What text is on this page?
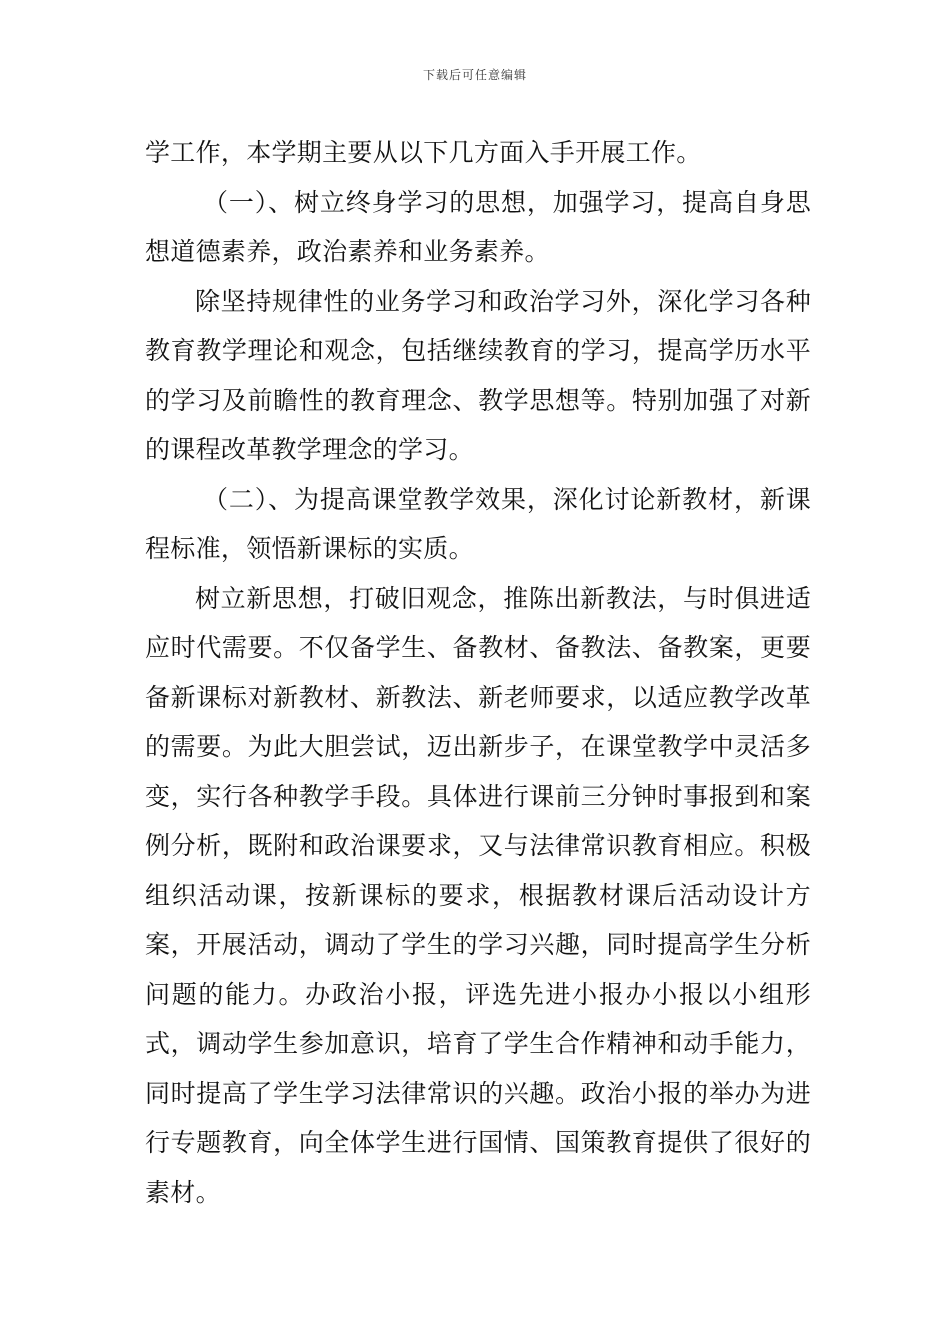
下载后可任意编辑

学工作，本学期主要从以下几方面入手开展工作。

（一）、树立终身学习的思想，加强学习，提高自身思想道德素养，政治素养和业务素养。

除坚持规律性的业务学习和政治学习外，深化学习各种教育教学理论和观念，包括继续教育的学习，提高学历水平的学习及前瞻性的教育理念、教学思想等。特别加强了对新的课程改革教学理念的学习。

（二）、为提高课堂教学效果，深化讨论新教材，新课程标准，领悟新课标的实质。

树立新思想，打破旧观念，推陈出新教法，与时俱进适应时代需要。不仅备学生、备教材、备教法、备教案，更要备新课标对新教材、新教法、新老师要求，以适应教学改革的需要。为此大胆尝试，迈出新步子，在课堂教学中灵活多变，实行各种教学手段。具体进行课前三分钟时事报到和案例分析，既附和政治课要求，又与法律常识教育相应。积极组织活动课，按新课标的要求，根据教材课后活动设计方案，开展活动，调动了学生的学习兴趣，同时提高学生分析问题的能力。办政治小报，评选先进小报办小报以小组形式，调动学生参加意识，培育了学生合作精神和动手能力，同时提高了学生学习法律常识的兴趣。政治小报的举办为进行专题教育，向全体学生进行国情、国策教育提供了很好的素材。
